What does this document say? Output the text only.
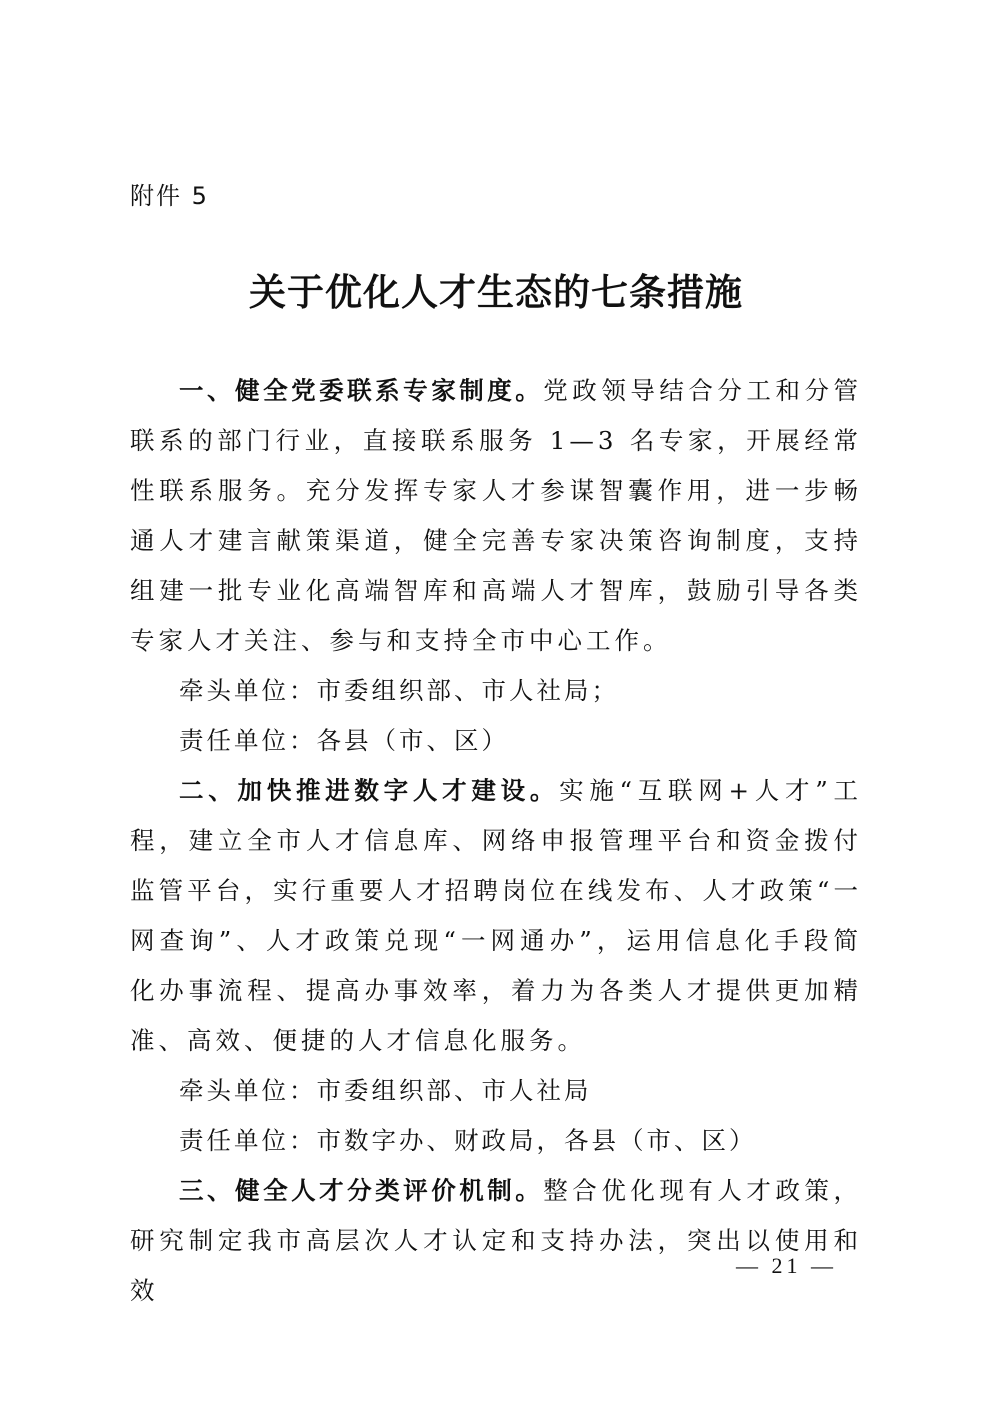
附件 5
关于优化人才生态的七条措施

一、健全党委联系专家制度。党政领导结合分工和分管联系的部门行业，直接联系服务 1—3 名专家，开展经常性联系服务。充分发挥专家人才参谋智囊作用，进一步畅通人才建言献策渠道，健全完善专家决策咨询制度，支持组建一批专业化高端智库和高端人才智库，鼓励引导各类专家人才关注、参与和支持全市中心工作。

牵头单位：市委组织部、市人社局；

责任单位：各县（市、区）

二、加快推进数字人才建设。实施“互联网+人才”工程，建立全市人才信息库、网络申报管理平台和资金拨付监管平台，实行重要人才招聘岗位在线发布、人才政策“一网查询”、人才政策兑现“一网通办”，运用信息化手段简化办事流程、提高办事效率，着力为各类人才提供更加精准、高效、便捷的人才信息化服务。

牵头单位：市委组织部、市人社局

责任单位：市数字办、财政局，各县（市、区）

三、健全人才分类评价机制。整合优化现有人才政策，研究制定我市高层次人才认定和支持办法，突出以使用和效

— 21 —
